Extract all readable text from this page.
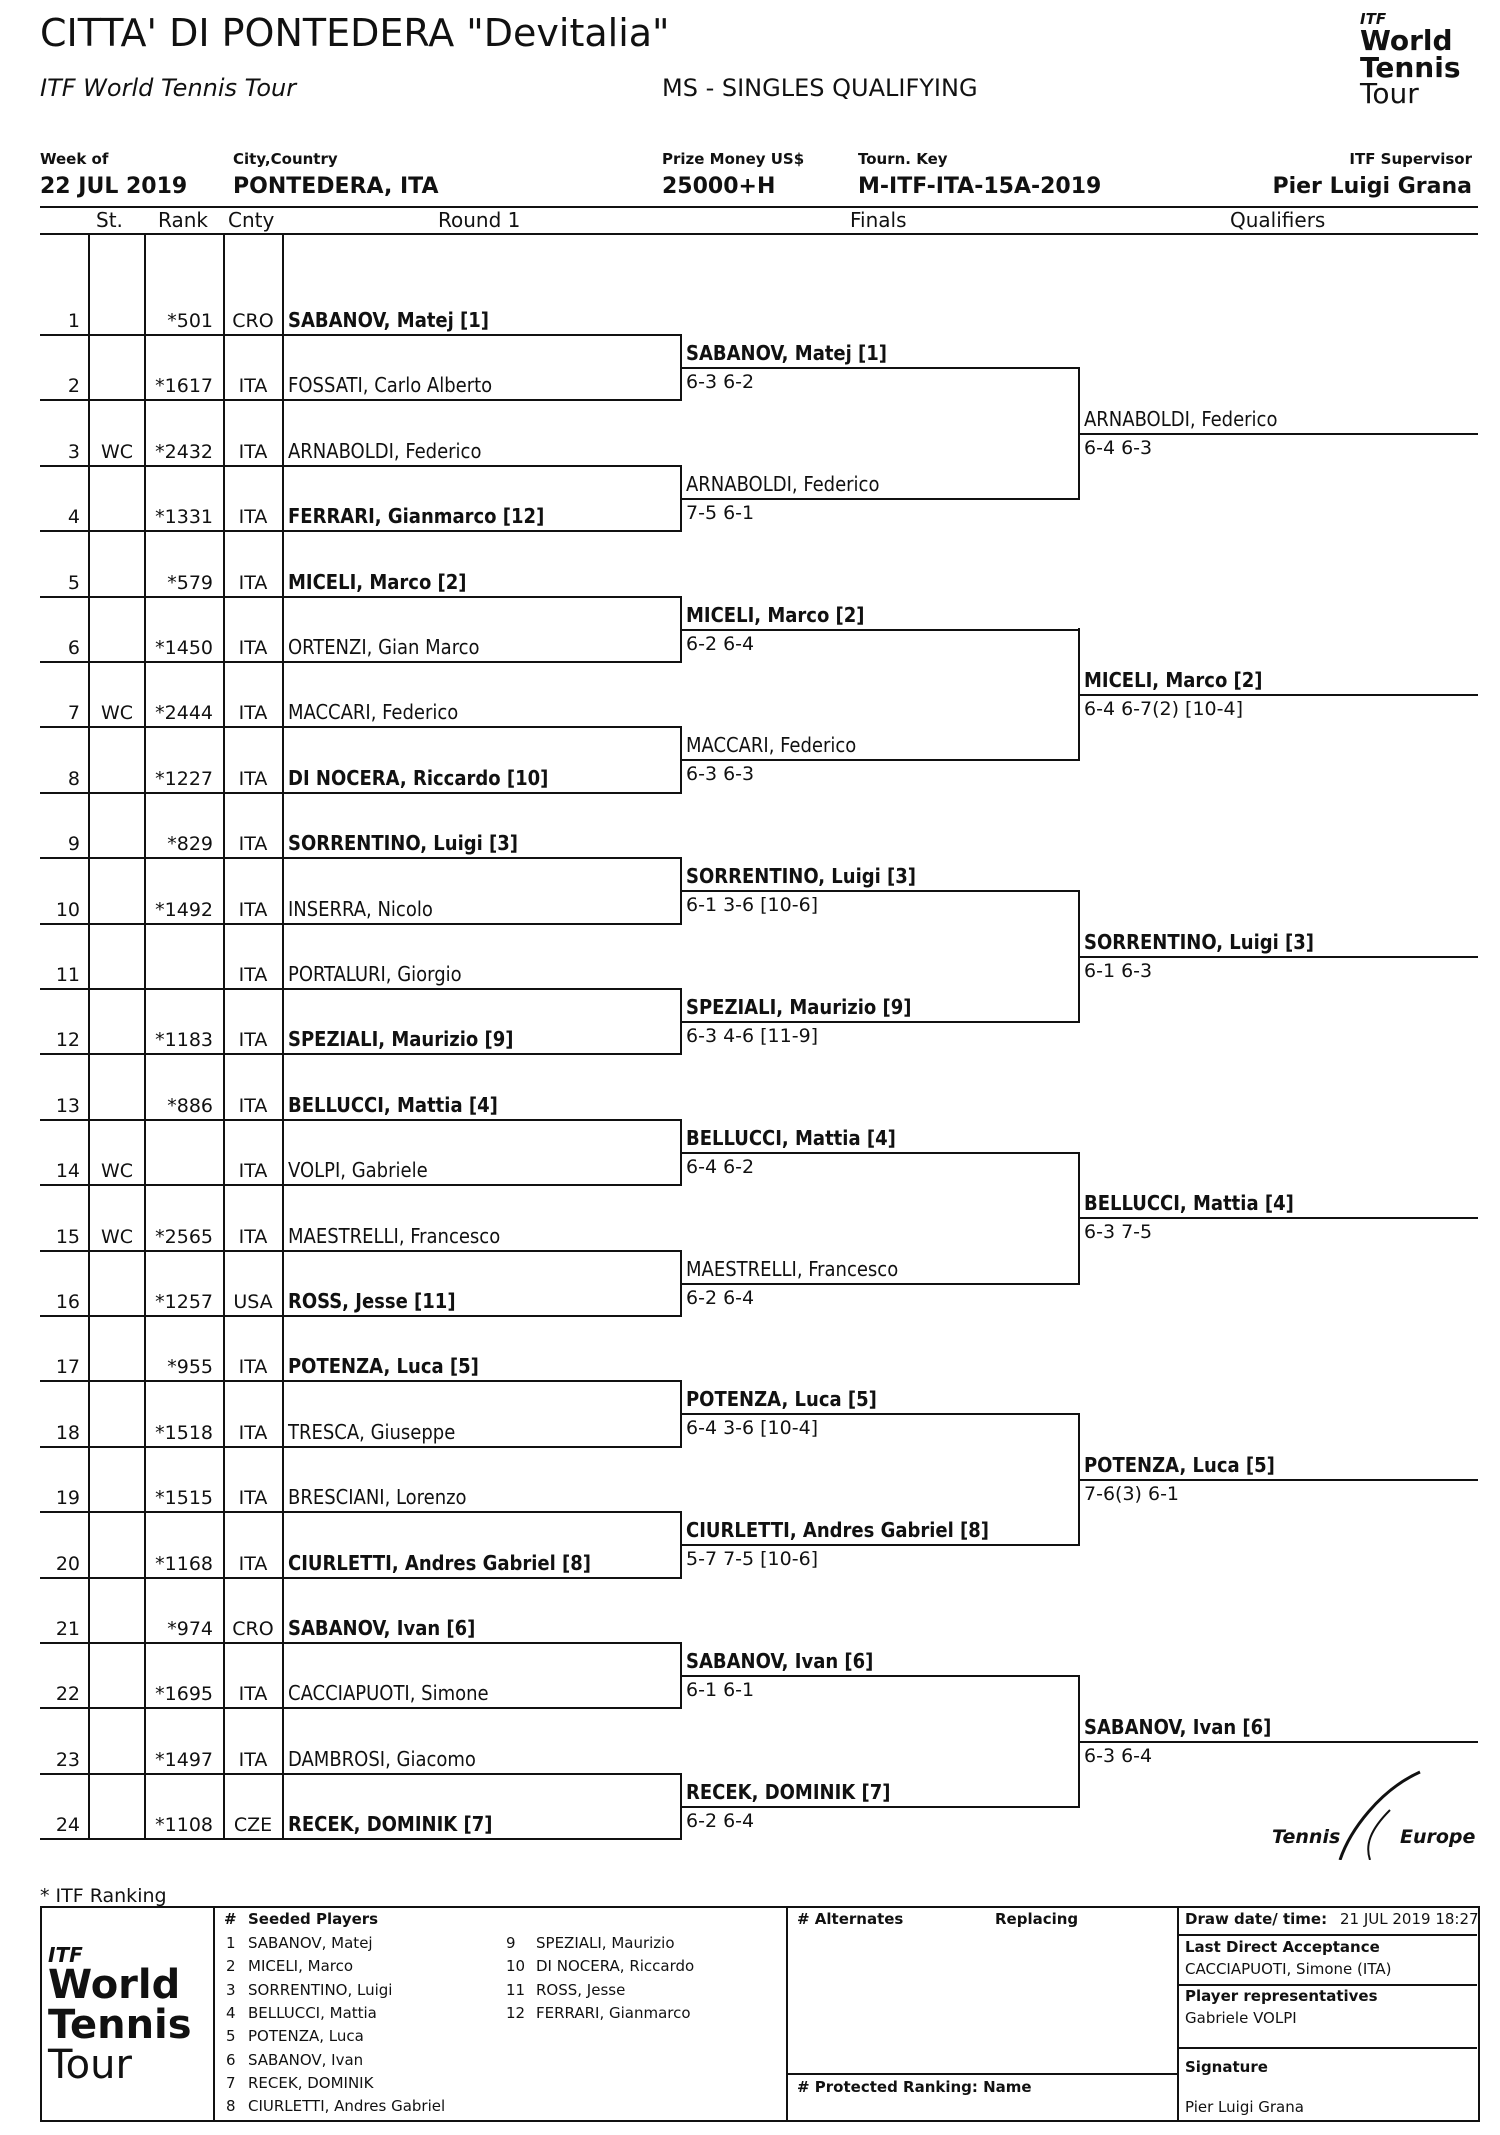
CITTA' DI PONTEDERA "Devitalia"
ITF World Tennis Tour	MS - SINGLES QUALIFYING
ITF
World
Tennis
Tour
Week of
22 JUL 2019
City,Country
PONTEDERA, ITA
Prize Money US$
25000+H
Tourn. Key
M-ITF-ITA-15A-2019
ITF Supervisor
Pier Luigi Grana
St. Rank Cnty	Round 1	Finals	Qualifiers
1	*501	CRO SABANOV, Matej [1]
2	*1617	ITA	FOSSATI, Carlo Alberto
3	WC	*2432	ITA	ARNABOLDI, Federico
4	*1331	ITA	FERRARI, Gianmarco [12]
5	*579	ITA	MICELI, Marco [2]
6	*1450	ITA	ORTENZI, Gian Marco
7	WC	*2444	ITA	MACCARI, Federico
8	*1227	ITA	DI NOCERA, Riccardo [10]
9	*829	ITA	SORRENTINO, Luigi [3]
10	*1492	ITA	INSERRA, Nicolo
11	ITA	PORTALURI, Giorgio
12	*1183	ITA	SPEZIALI, Maurizio [9]
13	*886	ITA	BELLUCCI, Mattia [4]
14	WC	ITA	VOLPI, Gabriele
15	WC	*2565	ITA	MAESTRELLI, Francesco
16	*1257	USA ROSS, Jesse [11]
17	*955	ITA	POTENZA, Luca [5]
18	*1518	ITA	TRESCA, Giuseppe
19	*1515	ITA	BRESCIANI, Lorenzo
20	*1168	ITA	CIURLETTI, Andres Gabriel [8]
21	*974	CRO SABANOV, Ivan [6]
22	*1695	ITA	CACCIAPUOTI, Simone
23	*1497	ITA	DAMBROSI, Giacomo
24	*1108	CZE RECEK, DOMINIK [7]
SABANOV, Matej [1]
6-3 6-2
ARNABOLDI, Federico
7-5 6-1
MICELI, Marco [2]
6-2 6-4
MACCARI, Federico
6-3 6-3
SORRENTINO, Luigi [3]
6-1 3-6 [10-6]
SPEZIALI, Maurizio [9]
6-3 4-6 [11-9]
BELLUCCI, Mattia [4]
6-4 6-2
MAESTRELLI, Francesco
6-2 6-4
POTENZA, Luca [5]
6-4 3-6 [10-4]
CIURLETTI, Andres Gabriel [8]
5-7 7-5 [10-6]
SABANOV, Ivan [6]
6-1 6-1
RECEK, DOMINIK [7]
6-2 6-4
ARNABOLDI, Federico
6-4 6-3
MICELI, Marco [2]
6-4 6-7(2) [10-4]
SORRENTINO, Luigi [3]
6-1 6-3
BELLUCCI, Mattia [4]
6-3 7-5
POTENZA, Luca [5]
7-6(3) 6-1
SABANOV, Ivan [6]
6-3 6-4
Tennis	Europe
* ITF Ranking
ITF
World
Tennis
Tour
# Seeded Players
1 SABANOV, Matej
2 MICELI, Marco
3 SORRENTINO, Luigi
4 BELLUCCI, Mattia
5 POTENZA, Luca
6 SABANOV, Ivan
7 RECEK, DOMINIK
8 CIURLETTI, Andres Gabriel
9 SPEZIALI, Maurizio
10 DI NOCERA, Riccardo
11 ROSS, Jesse
12 FERRARI, Gianmarco
# Alternates	Replacing
# Protected Ranking: Name
Draw date/ time: 21 JUL 2019 18:27
Last Direct Acceptance
CACCIAPUOTI, Simone (ITA)
Player representatives
Gabriele VOLPI
Signature
Pier Luigi Grana
